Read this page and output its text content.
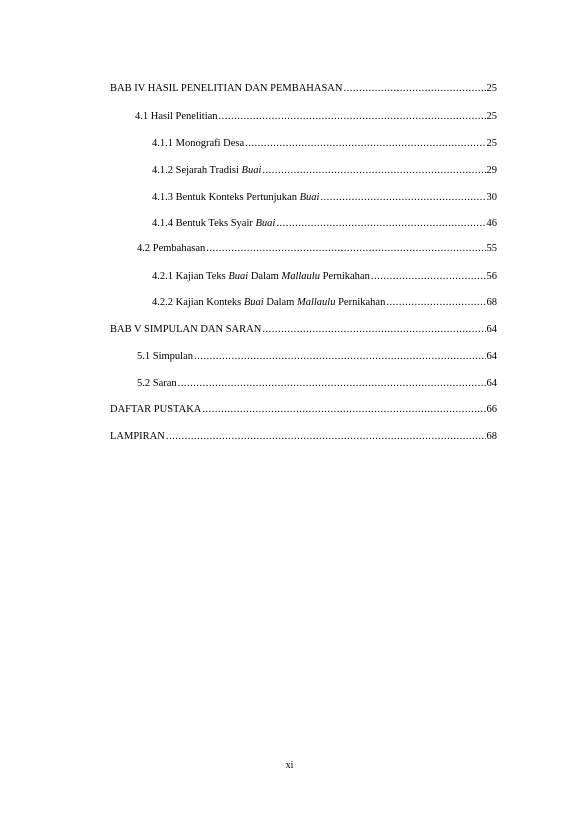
BAB IV HASIL PENELITIAN DAN PEMBAHASAN .....	25
4.1 Hasil Penelitian .....	25
4.1.1 Monografi Desa .....	25
4.1.2 Sejarah Tradisi Buai .....	29
4.1.3 Bentuk Konteks Pertunjukan Buai .....	30
4.1.4 Bentuk Teks Syair Buai .....	46
4.2 Pembahasan .....	55
4.2.1 Kajian Teks Buai Dalam Mallaulu Pernikahan .....	56
4.2.2 Kajian Konteks Buai Dalam Mallaulu Pernikahan .....	68
BAB V SIMPULAN DAN SARAN .....	64
5.1 Simpulan .....	64
5.2 Saran .....	64
DAFTAR PUSTAKA .....	66
LAMPIRAN .....	68
xi
